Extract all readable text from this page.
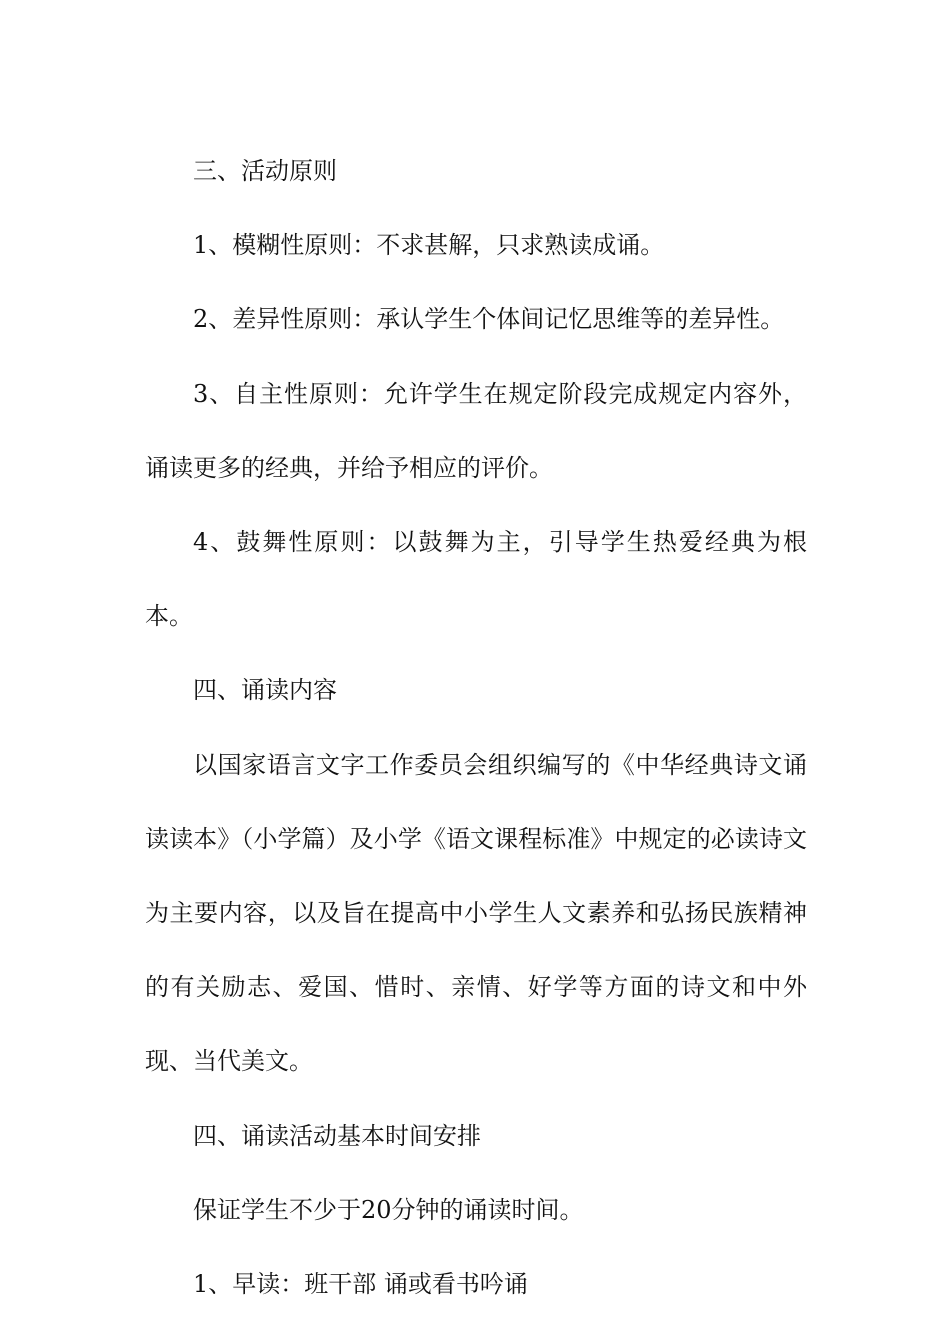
三、活动原则

1、模糊性原则：不求甚解，只求熟读成诵。

2、差异性原则：承认学生个体间记忆思维等的差异性。

3、自主性原则：允许学生在规定阶段完成规定内容外，诵读更多的经典，并给予相应的评价。

4、鼓舞性原则：以鼓舞为主，引导学生热爱经典为根本。

四、诵读内容

以国家语言文字工作委员会组织编写的《中华经典诗文诵读读本》（小学篇）及小学《语文课程标准》中规定的必读诗文为主要内容，以及旨在提高中小学生人文素养和弘扬民族精神的有关励志、爱国、惜时、亲情、好学等方面的诗文和中外现、当代美文。

四、诵读活动基本时间安排

保证学生不少于20分钟的诵读时间。

1、早读：班干部 诵或看书吟诵
